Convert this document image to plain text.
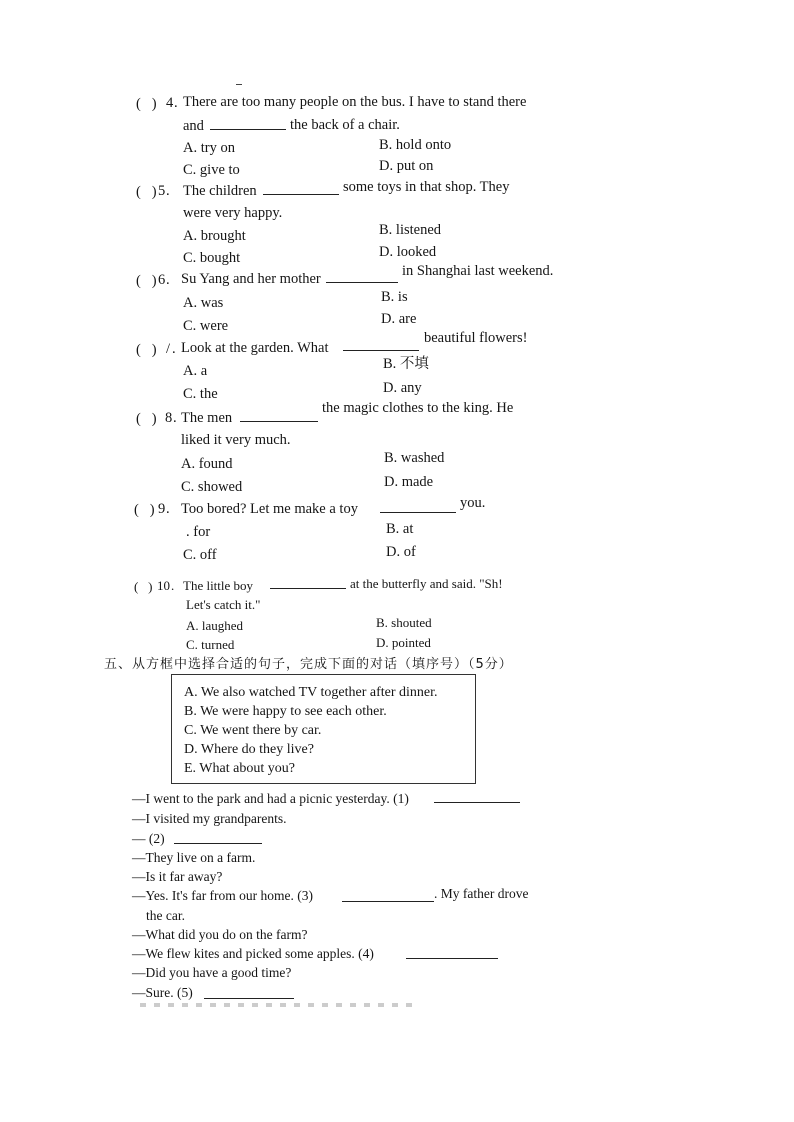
(   ) 4 . There are too many people on the bus. I have to stand there
and	the back of a chair.
A. try on	B. hold onto
C. give to	D. put on
(   ) 5 . The children	some toys in that shop. They
were very happy.
A. brought	B. listened
C. bought	D. looked
(   ) 6 . Su Yang and her mother	in Shanghai last weekend.
A. was	B. is
C. were	D. are
(   ) / . Look at the garden. What
beautiful flowers!
A. a	B. 不填
C. the	D. any
(   ) 8 . The men
the magic clothes to the king. He
liked it very much.
A. found	B. washed
C. showed	D. made
(   ) 9 . Too bored? Let me make a toy	you.
. for	B. at
C. off	D. of
(   ) 10 . The little boy	at the butterfly and said. "Sh!
Let's catch it."
A. laughed	B. shouted
C. turned	D. pointed
五、从方框中选择合适的句子，完成下面的对话（填序号）（5分）
A. We also watched TV together after dinner.
B. We were happy to see each other.
C. We went there by car.
D. Where do they live?
E. What about you?
—I went to the park and had a picnic yesterday. (1)
—I visited my grandparents.
— (2)
—They live on a farm.
—Is it far away?
—Yes. It's far from our home. (3)	. My father drove
the car.
—What did you do on the farm?
—We flew kites and picked some apples. (4)
—Did you have a good time?
—Sure. (5)
